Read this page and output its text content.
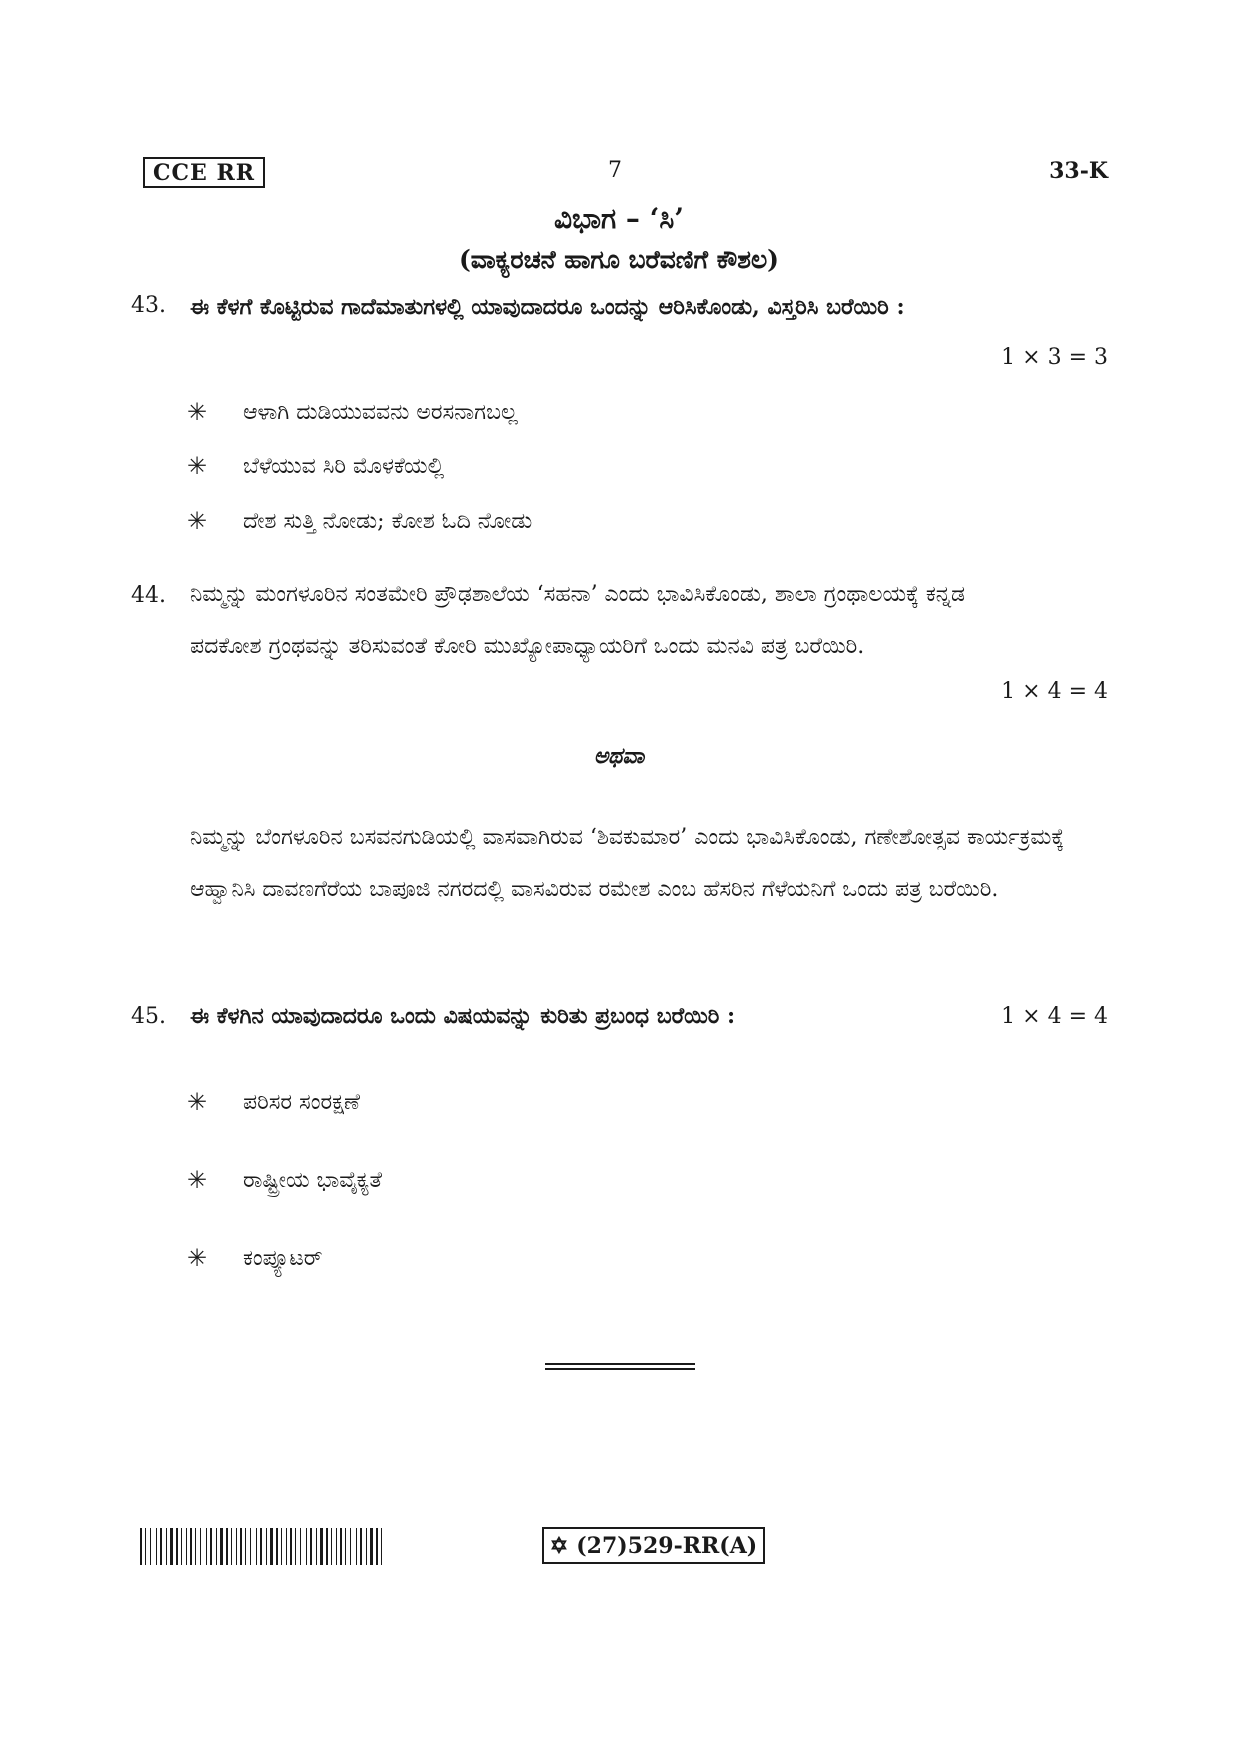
CCE RR	7	33-K
ವಿಭಾಗ – ‘ಸಿ’
(ವಾಕ್ಯರಚನೆ ಹಾಗೂ ಬರೆವಣಿಗೆ ಕೌಶಲ)
43. ಈ ಕೆಳಗೆ ಕೊಟ್ಟಿರುವ ಗಾದೆಮಾತುಗಳಲ್ಲಿ ಯಾವುದಾದರೂ ಒಂದನ್ನು ಆರಿಸಿಕೊಂಡು, ವಿಸ್ತರಿಸಿ ಬರೆಯಿರಿ :
1 × 3 = 3
✳ ಆಳಾಗಿ ದುಡಿಯುವವನು ಅರಸನಾಗಬಲ್ಲ
✳ ಬೆಳೆಯುವ ಸಿರಿ ಮೊಳಕೆಯಲ್ಲಿ
✳ ದೇಶ ಸುತ್ತಿ ನೋಡು; ಕೋಶ ಓದಿ ನೋಡು
44. ನಿಮ್ಮನ್ನು ಮಂಗಳೂರಿನ ಸಂತಮೇರಿ ಪ್ರೌಢಶಾಲೆಯ ‘ಸಹನಾ’ ಎಂದು ಭಾವಿಸಿಕೊಂಡು, ಶಾಲಾ ಗ್ರಂಥಾಲಯಕ್ಕೆ ಕನ್ನಡ ಪದಕೋಶ ಗ್ರಂಥವನ್ನು ತರಿಸುವಂತೆ ಕೋರಿ ಮುಖ್ಯೋಪಾಧ್ಯಾಯರಿಗೆ ಒಂದು ಮನವಿ ಪತ್ರ ಬರೆಯಿರಿ.
1 × 4 = 4
ಅಥವಾ
ನಿಮ್ಮನ್ನು ಬೆಂಗಳೂರಿನ ಬಸವನಗುಡಿಯಲ್ಲಿ ವಾಸವಾಗಿರುವ ‘ಶಿವಕುಮಾರ’ ಎಂದು ಭಾವಿಸಿಕೊಂಡು, ಗಣೇಶೋತ್ಸವ ಕಾರ್ಯಕ್ರಮಕ್ಕೆ ಆಹ್ವಾನಿಸಿ ದಾವಣಗೆರೆಯ ಬಾಪೂಜಿ ನಗರದಲ್ಲಿ ವಾಸವಿರುವ ರಮೇಶ ಎಂಬ ಹೆಸರಿನ ಗೆಳೆಯನಿಗೆ ಒಂದು ಪತ್ರ ಬರೆಯಿರಿ.
45. ಈ ಕೆಳಗಿನ ಯಾವುದಾದರೂ ಒಂದು ವಿಷಯವನ್ನು ಕುರಿತು ಪ್ರಬಂಧ ಬರೆಯಿರಿ :	1 × 4 = 4
✳ ಪರಿಸರ ಸಂರಕ್ಷಣೆ
✳ ರಾಷ್ಟ್ರೀಯ ಭಾವೈಕ್ಯತೆ
✳ ಕಂಪ್ಯೂಟರ್
✡ (27)529-RR(A)
